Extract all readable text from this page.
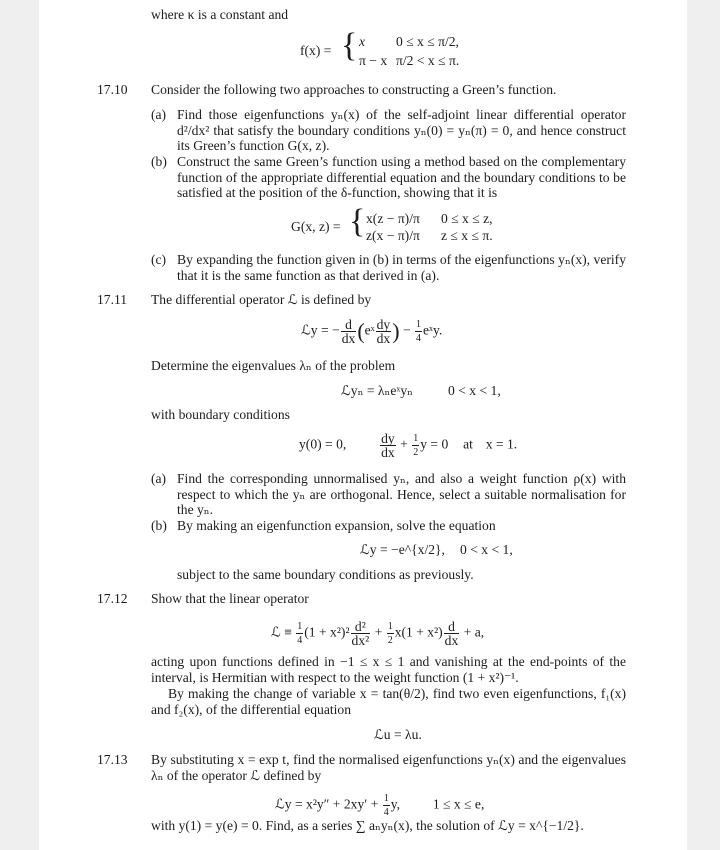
where κ is a constant and
f(x) = { x 0 ≤ x ≤ π/2,
π − x π/2 < x ≤ π.
17.10 Consider the following two approaches to constructing a Green’s function.
(a) Find those eigenfunctions yₙ(x) of the self-adjoint linear differential operator d²/dx² that satisfy the boundary conditions yₙ(0) = yₙ(π) = 0, and hence construct its Green’s function G(x, z).
(b) Construct the same Green’s function using a method based on the complementary function of the appropriate differential equation and the boundary conditions to be satisfied at the position of the δ-function, showing that it is
G(x, z) = { x(z − π)/π 0 ≤ x ≤ z,
z(x − π)/π z ≤ x ≤ π.
(c) By expanding the function given in (b) in terms of the eigenfunctions yₙ(x), verify that it is the same function as that derived in (a).
17.11 The differential operator ℒ is defined by
ℒy = − $\frac{d}{dx}$ (eˣ $\frac{dy}{dx}$ ) − $\frac{1}{4}$ eˣy.
Determine the eigenvalues λₙ of the problem
ℒyₙ = λₙeˣyₙ	0 < x < 1,
with boundary conditions
y(0) = 0, $\frac{dy}{dx} + \frac{1}{2}$ y = 0 at x = 1.
(a) Find the corresponding unnormalised yₙ, and also a weight function ρ(x) with respect to which the yₙ are orthogonal. Hence, select a suitable normalisation for the yₙ.
(b) By making an eigenfunction expansion, solve the equation
ℒy = −e^{x/2}, 0 < x < 1,
subject to the same boundary conditions as previously.
17.12 Show that the linear operator
ℒ ≡ $\frac{1}{4} (1 + x^2)^2 \frac{\text{d²}}{\text{dx²}} + \frac{1}{2} x(1 + x^2) \frac{d}{dx} + a$,
acting upon functions defined in −1 ≤ x ≤ 1 and vanishing at the end-points of the interval, is Hermitian with respect to the weight function (1 + x²)⁻¹.
By making the change of variable x = tan(θ/2), find two even eigenfunctions, f₁(x) and f₂(x), of the differential equation
ℒu = λu.
17.13 By substituting x = exp t, find the normalised eigenfunctions yₙ(x) and the eigenvalues λₙ of the operator ℒ defined by
ℒy = $x^2y'' + 2xy' + \frac{1}{4} y$, 1 ≤ x ≤ e,
with y(1) = y(e) = 0. Find, as a series ∑ aₙyₙ(x), the solution of ℒy = x^{−1/2}.
